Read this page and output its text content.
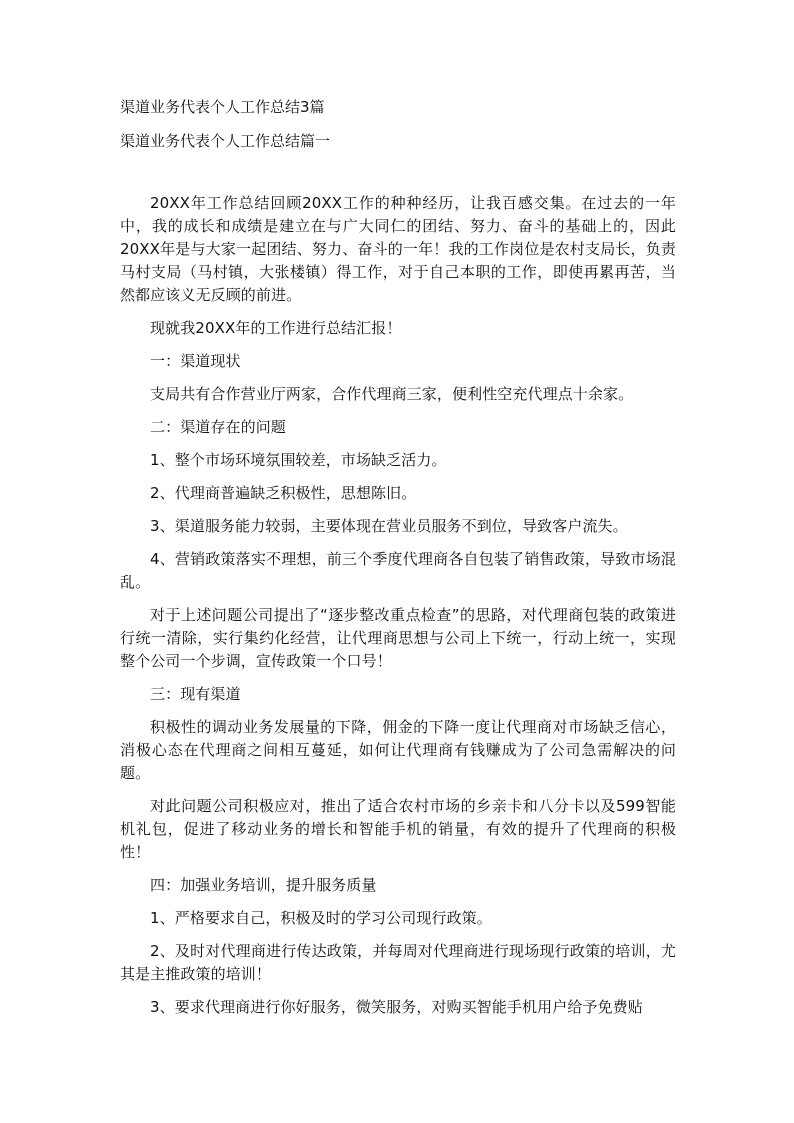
渠道业务代表个人工作总结3篇
渠道业务代表个人工作总结篇一

20XX年工作总结回顾20XX工作的种种经历，让我百感交集。在过去的一年中，我的成长和成绩是建立在与广大同仁的团结、努力、奋斗的基础上的，因此20XX年是与大家一起团结、努力、奋斗的一年！我的工作岗位是农村支局长，负责马村支局（马村镇，大张楼镇）得工作，对于自己本职的工作，即使再累再苦，当然都应该义无反顾的前进。

现就我20XX年的工作进行总结汇报！

一：渠道现状

支局共有合作营业厅两家，合作代理商三家，便利性空充代理点十余家。

二：渠道存在的问题

1、整个市场环境氛围较差，市场缺乏活力。

2、代理商普遍缺乏积极性，思想陈旧。

3、渠道服务能力较弱，主要体现在营业员服务不到位，导致客户流失。

4、营销政策落实不理想，前三个季度代理商各自包装了销售政策，导致市场混乱。

对于上述问题公司提出了“逐步整改重点检查”的思路，对代理商包装的政策进行统一清除，实行集约化经营，让代理商思想与公司上下统一，行动上统一，实现整个公司一个步调，宣传政策一个口号！

三：现有渠道

积极性的调动业务发展量的下降，佣金的下降一度让代理商对市场缺乏信心，消极心态在代理商之间相互蔓延，如何让代理商有钱赚成为了公司急需解决的问题。

对此问题公司积极应对，推出了适合农村市场的乡亲卡和八分卡以及599智能机礼包，促进了移动业务的增长和智能手机的销量，有效的提升了代理商的积极性！

四：加强业务培训，提升服务质量

1、严格要求自己，积极及时的学习公司现行政策。

2、及时对代理商进行传达政策，并每周对代理商进行现场现行政策的培训，尤其是主推政策的培训！

3、要求代理商进行你好服务，微笑服务，对购买智能手机用户给予免费贴
